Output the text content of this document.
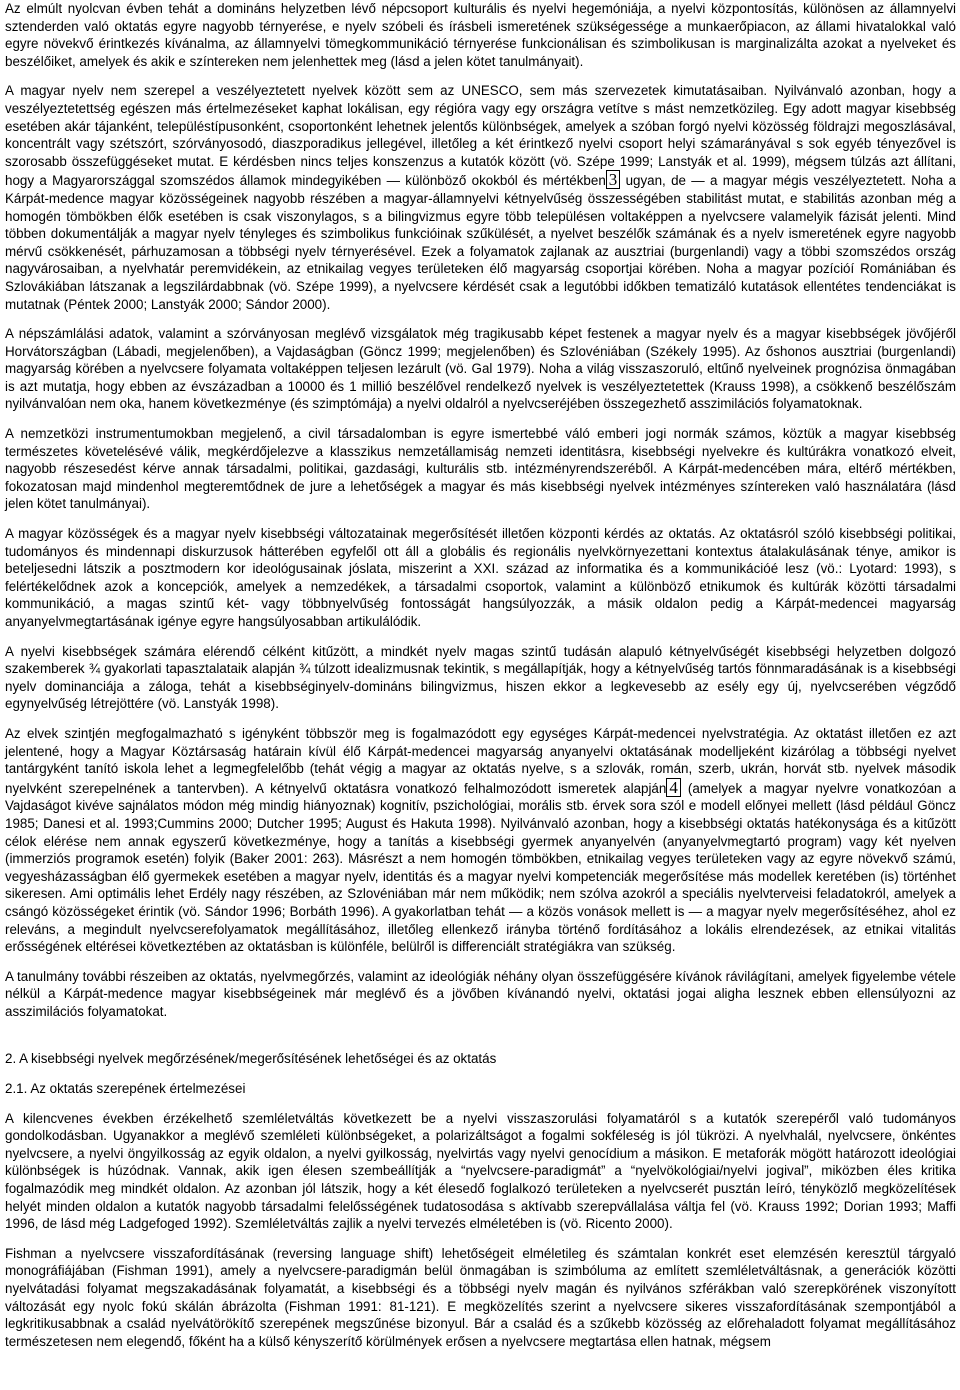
Az elmúlt nyolcvan évben tehát a domináns helyzetben lévő népcsoport kulturális és nyelvi hegemóniája, a nyelvi központosítás, különösen az államnyelvi sztenderden való oktatás egyre nagyobb térnyerése, e nyelv szóbeli és írásbeli ismeretének szükségessége a munkaerőpiacon, az állami hivatalokkal való egyre növekvő érintkezés kívánalma, az államnyelvi tömegkommunikáció térnyerése funkcionálisan és szimbolikusan is marginalizálta azokat a nyelveket és beszélőiket, amelyek és akik e színtereken nem jelenhettek meg (lásd a jelen kötet tanulmányait).

A magyar nyelv nem szerepel a veszélyeztetett nyelvek között sem az UNESCO, sem más szervezetek kimutatásaiban. Nyilvánvaló azonban, hogy a veszélyeztetettség egészen más értelmezéseket kaphat lokálisan, egy régióra vagy egy országra vetítve s mást nemzetközileg. Egy adott magyar kisebbség esetében akár tájanként, településtípusonként, csoportonként lehetnek jelentős különbségek, amelyek a szóban forgó nyelvi közösség földrajzi megoszlásával, koncentrált vagy szétszórt, szórványosodó, diaszporadikus jellegével, illetőleg a két érintkező nyelvi csoport helyi számarányával s sok egyéb tényezővel is szorosabb összefüggéseket mutat. E kérdésben nincs teljes konszenzus a kutatók között (vö. Szépe 1999; Lanstyák et al. 1999), mégsem túlzás azt állítani, hogy a Magyarországgal szomszédos államok mindegyikében — különböző okokból és mértékben 3 ugyan, de — a magyar mégis veszélyeztetett. Noha a Kárpát-medence magyar közösségeinek nagyobb részében a magyar-államnyelvi kétnyelvűség összességében stabilitást mutat, e stabilitás azonban még a homogén tömbökben élők esetében is csak viszonylagos, s a bilingvizmus egyre több településen voltaképpen a nyelvcsere valamelyik fázisát jelenti. Mind többen dokumentálják a magyar nyelv tényleges és szimbolikus funkcióinak szűkülését, a nyelvet beszélők számának és a nyelv ismeretének egyre nagyobb mérvű csökkenését, párhuzamosan a többségi nyelv térnyerésével. Ezek a folyamatok zajlanak az ausztriai (burgenlandi) vagy a többi szomszédos ország nagyvárosaiban, a nyelvhatár peremvidékein, az etnikailag vegyes területeken élő magyarság csoportjai körében. Noha a magyar pozícióí Romániában és Szlovákiában látszanak a legszilárdabbnak (vö. Szépe 1999), a nyelvcsere kérdését csak a legutóbbi időkben tematizáló kutatások ellentétes tendenciákat is mutatnak (Péntek 2000; Lanstyák 2000; Sándor 2000).

A népszámlálási adatok, valamint a szórványosan meglévő vizsgálatok még tragikusabb képet festenek a magyar nyelv és a magyar kisebbségek jövőjéről Horvátországban (Lábadi, megjelenőben), a Vajdaságban (Göncz 1999; megjelenőben) és Szlovéniában (Székely 1995). Az őshonos ausztriai (burgenlandi) magyarság körében a nyelvcsere folyamata voltaképpen teljesen lezárult (vö. Gal 1979). Noha a világ visszaszoruló, eltűnő nyelveinek prognózisa önmagában is azt mutatja, hogy ebben az évszázadban a 10000 és 1 millió beszélővel rendelkező nyelvek is veszélyeztetettek (Krauss 1998), a csökkenő beszélőszám nyilvánvalóan nem oka, hanem következménye (és szimptómája) a nyelvi oldalról a nyelvcseréjében összegezhető asszimilációs folyamatoknak.

A nemzetközi instrumentumokban megjelenő, a civil társadalomban is egyre ismertebbé váló emberi jogi normák számos, köztük a magyar kisebbség természetes követelésévé válik, megkérdőjelezve a klasszikus nemzetállamiság nemzeti identitásra, kisebbségi nyelvekre és kultúrákra vonatkozó elveit, nagyobb részesedést kérve annak társadalmi, politikai, gazdasági, kulturális stb. intézményrendszeréből. A Kárpát-medencében mára, eltérő mértékben, fokozatosan majd mindenhol megteremtődnek de jure a lehetőségek a magyar és más kisebbségi nyelvek intézményes színtereken való használatára (lásd jelen kötet tanulmányai).

A magyar közösségek és a magyar nyelv kisebbségi változatainak megerősítését illetően központi kérdés az oktatás. Az oktatásról szóló kisebbségi politikai, tudományos és mindennapi diskurzusok hátterében egyfelől ott áll a globális és regionális nyelvkörnyezettani kontextus átalakulásának ténye, amikor is beteljesedni látszik a posztmodern kor ideológusainak jóslata, miszerint a XXI. század az informatika és a kommunikációé lesz (vö.: Lyotard: 1993), s felértékelődnek azok a koncepciók, amelyek a nemzedékek, a társadalmi csoportok, valamint a különböző etnikumok és kultúrák közötti társadalmi kommunikáció, a magas szintű két- vagy többnyelvűség fontosságát hangsúlyozzák, a másik oldalon pedig a Kárpát-medencei magyarság anyanyelvmegtartásának igénye egyre hangsúlyosabban artikulálódik.

A nyelvi kisebbségek számára elérendő célként kitűzött, a mindkét nyelv magas szintű tudásán alapuló kétnyelvűségét kisebbségi helyzetben dolgozó szakemberek ¾ gyakorlati tapasztalataik alapján ¾ túlzott idealizmusnak tekintik, s megállapítják, hogy a kétnyelvűség tartós fönnmaradásának is a kisebbségi nyelv dominanciája a záloga, tehát a kisebbséginyelv-domináns bilingvizmus, hiszen ekkor a legkevesebb az esély egy új, nyelvcserében végződő egynyelvűség létrejöttére (vö. Lanstyák 1998).

Az elvek szintjén megfogalmazható s igényként többször meg is fogalmazódott egy egységes Kárpát-medencei nyelvstratégia. Az oktatást illetően ez azt jelentené, hogy a Magyar Köztársaság határain kívül élő Kárpát-medencei magyarság anyanyelvi oktatásának modelljeként kizárólag a többségi nyelvet tantárgyként tanító iskola lehet a legmegfelelőbb (tehát végig a magyar az oktatás nyelve, s a szlovák, román, szerb, ukrán, horvát stb. nyelvek második nyelvként szerepelnének a tantervben). A kétnyelvű oktatásra vonatkozó felhalmozódott ismeretek alapján 4 (amelyek a magyar nyelvre vonatkozóan a Vajdaságot kivéve sajnálatos módon még mindig hiányoznak) kognitív, pszichológiai, morális stb. érvek sora szól e modell előnyei mellett (lásd például Göncz 1985; Danesi et al. 1993;Cummins 2000; Dutcher 1995; August és Hakuta 1998). Nyilvánvaló azonban, hogy a kisebbségi oktatás hatékonysága és a kitűzött célok elérése nem annak egyszerű következménye, hogy a tanítás a kisebbségi gyermek anyanyelvén (anyanyelvmegtartó program) vagy két nyelven (immerziós programok esetén) folyik (Baker 2001: 263). Másrészt a nem homogén tömbökben, etnikailag vegyes területeken vagy az egyre növekvő számú, vegyesházasságban élő gyermekek esetében a magyar nyelv, identitás és a magyar nyelvi kompetenciák megerősítése más modellek keretében (is) történhet sikeresen. Ami optimális lehet Erdély nagy részében, az Szlovéniában már nem működik; nem szólva azokról a speciális nyelvterveisi feladatokról, amelyek a csángó közösségeket érintik (vö. Sándor 1996; Borbáth 1996). A gyakorlatban tehát — a közös vonások mellett is — a magyar nyelv megerősítéséhez, ahol ez releváns, a megindult nyelvcserefolyamatok megállításához, illetőleg ellenkező irányba történő fordításához a lokális elrendezések, az etnikai vitalitás erősségének eltérései következtében az oktatásban is különféle, belülről is differenciált stratégiákra van szükség.

A tanulmány további részeiben az oktatás, nyelvmegőrzés, valamint az ideológiák néhány olyan összefüggésére kívánok rávilágítani, amelyek figyelembe vétele nélkül a Kárpát-medence magyar kisebbségeinek már meglévő és a jövőben kívánandó nyelvi, oktatási jogai aligha lesznek ebben ellensúlyozni az asszimilációs folyamatokat.

2. A kisebbségi nyelvek megőrzésének/megerősítésének lehetőségei és az oktatás

2.1. Az oktatás szerepének értelmezései

A kilencvenes években érzékelhető szemléletváltás következett be a nyelvi visszaszorulási folyamatáról s a kutatók szerepéről való tudományos gondolkodásban. Ugyanakkor a meglévő szemléleti különbségeket, a polarizáltságot a fogalmi sokféleség is jól tükrözi. A nyelvhalál, nyelvcsere, önkéntes nyelvcsere, a nyelvi öngyilkosság az egyik oldalon, a nyelvi gyilkosság, nyelvirtás vagy nyelvi genocídium a másikon. E metaforák mögött határozott ideológiai különbségek is húzódnak. Vannak, akik igen élesen szembeállítják a “nyelvcsere-paradigmát” a “nyelvökológiai/nyelvi jogival”, miközben éles kritika fogalmazódik meg mindkét oldalon. Az azonban jól látszik, hogy a két élesedő foglalkozó területeken a nyelvcserét pusztán leíró, tényközlő megközelítések helyét minden oldalon a kutatók nagyobb társadalmi felelősségének tudatosodása s aktívabb szerepvállalása váltja fel (vö. Krauss 1992; Dorian 1993; Maffi 1996, de lásd még Ladgefoged 1992). Szemléletváltás zajlik a nyelvi tervezés elméletében is (vö. Ricento 2000).

Fishman a nyelvcsere visszafordításának (reversing language shift) lehetőségeit elméletileg és számtalan konkrét eset elemzésén keresztül tárgyaló monográfiájában (Fishman 1991), amely a nyelvcsere-paradigmán belül önmagában is szimbóluma az említett szemléletváltásnak, a generációk közötti nyelvátadási folyamat megszakadásának folyamatát, a kisebbségi és a többségi nyelv magán és nyilvános szférákban való szerepkörének viszonyított változását egy nyolc fokú skálán ábrázolta (Fishman 1991: 81-121). E megközelítés szerint a nyelvcsere sikeres visszafordításának szempontjából a legkritikusabbnak a család nyelvátörökítő szerepének megszűnése bizonyul. Bár a család és a szűkebb közösség az előrehaladott folyamat megállításához természetesen nem elegendő, főként ha a külső kényszerítő körülmények erősen a nyelvcsere megtartása ellen hatnak, mégsem
